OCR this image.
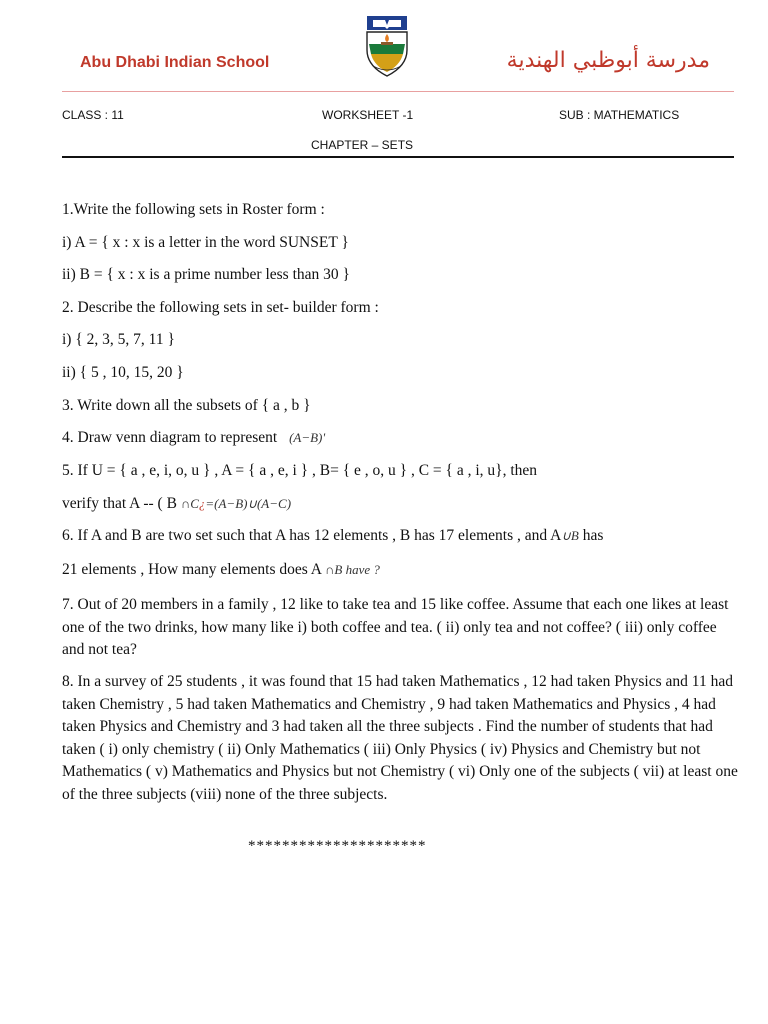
Abu Dhabi Indian School	مدرسة أبوظبي الهندية
CLASS : 11	WORKSHEET -1	SUB : MATHEMATICS
CHAPTER – SETS
1.Write the following sets in Roster form :
i) A = { x : x is a letter in the word SUNSET }
ii) B = { x : x is a prime number less than 30 }
2. Describe the following sets in set- builder form :
i) { 2, 3, 5, 7, 11 }
ii) { 5 , 10, 15, 20 }
3. Write down all the subsets of { a , b }
4. Draw venn diagram to represent (A−B)'
5. If U = { a , e, i, o, u } , A = { a , e, i } , B= { e , o, u } , C = { a , i, u}, then
verify that A -- ( B ∩C¿=(A−B)∪(A−C)
6. If A and B are two set such that A has 12 elements , B has 17 elements , and A∪B has
21 elements , How many elements does A ∩B have ?
7. Out of 20 members in a family , 12 like to take tea and 15 like coffee. Assume that each one likes at least one of the two drinks, how many like i) both coffee and tea. ( ii) only tea and not coffee? ( iii) only coffee and not tea?
8. In a survey of 25 students , it was found that 15 had taken Mathematics , 12 had taken Physics and 11 had taken Chemistry , 5 had taken Mathematics and Chemistry , 9 had taken Mathematics and Physics , 4 had taken Physics and Chemistry and 3 had taken all the three subjects . Find the number of students that had taken ( i) only chemistry ( ii) Only Mathematics ( iii) Only Physics ( iv) Physics and Chemistry but not Mathematics ( v) Mathematics and Physics but not Chemistry ( vi) Only one of the subjects ( vii) at least one of the three subjects (viii) none of the three subjects.
*********************
